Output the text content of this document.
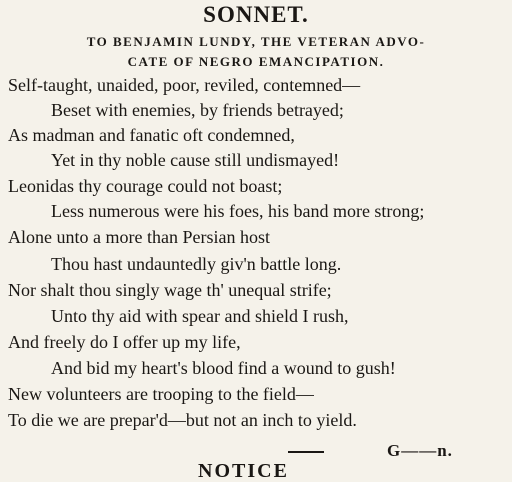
SONNET.
TO BENJAMIN LUNDY, THE VETERAN ADVO-
CATE OF NEGRO EMANCIPATION.
Self-taught, unaided, poor, reviled, contemned—
Beset with enemies, by friends betrayed;
As madman and fanatic oft condemned,
Yet in thy noble cause still undismayed!
Leonidas thy courage could not boast;
Less numerous were his foes, his band more strong;
Alone unto a more than Persian host
Thou hast undauntedly giv'n battle long.
Nor shalt thou singly wage th' unequal strife;
Unto thy aid with spear and shield I rush,
And freely do I offer up my life,
And bid my heart's blood find a wound to gush!
New volunteers are trooping to the field—
To die we are prepar'd—but not an inch to yield.
G——n.
NOTICE
